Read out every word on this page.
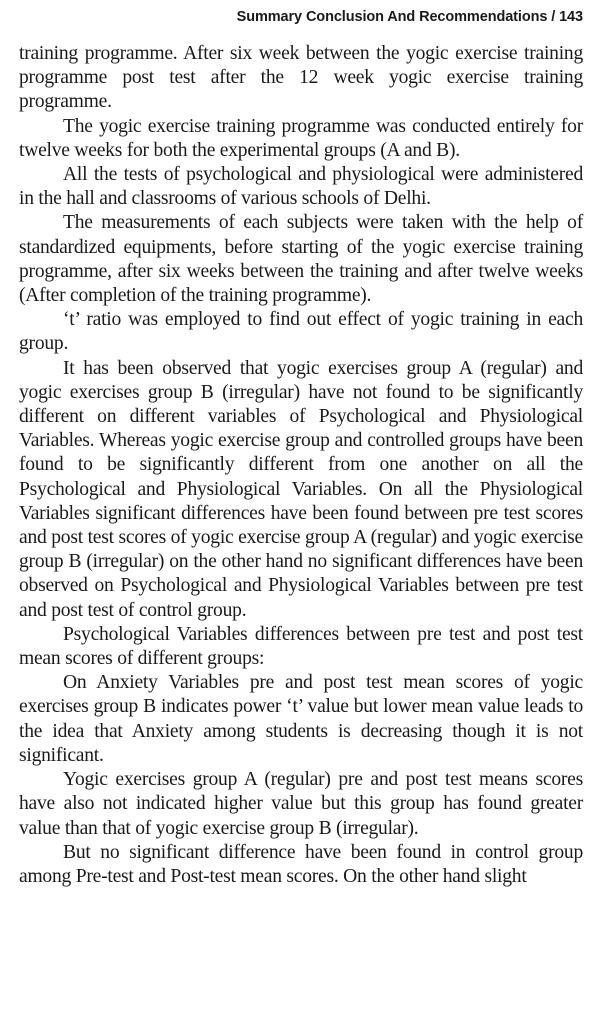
Summary Conclusion And Recommendations / 143

training programme. After six week between the yogic exercise training programme post test after the 12 week yogic exercise training programme.

The yogic exercise training programme was conducted entirely for twelve weeks for both the experimental groups (A and B).

All the tests of psychological and physiological were administered in the hall and classrooms of various schools of Delhi.

The measurements of each subjects were taken with the help of standardized equipments, before starting of the yogic exercise training programme, after six weeks between the training and after twelve weeks (After completion of the training programme).

‘t’ ratio was employed to find out effect of yogic training in each group.

It has been observed that yogic exercises group A (regular) and yogic exercises group B (irregular) have not found to be significantly different on different variables of Psychological and Physiological Variables. Whereas yogic exercise group and controlled groups have been found to be significantly different from one another on all the Psychological and Physiological Variables. On all the Physiological Variables significant differences have been found between pre test scores and post test scores of yogic exercise group A (regular) and yogic exercise group B (irregular) on the other hand no significant differences have been observed on Psychological and Physiological Variables between pre test and post test of control group.

Psychological Variables differences between pre test and post test mean scores of different groups:

On Anxiety Variables pre and post test mean scores of yogic exercises group B indicates power ‘t’ value but lower mean value leads to the idea that Anxiety among students is decreasing though it is not significant.

Yogic exercises group A (regular) pre and post test means scores have also not indicated higher value but this group has found greater value than that of yogic exercise group B (irregular).

But no significant difference have been found in control group among Pre-test and Post-test mean scores. On the other hand slight
